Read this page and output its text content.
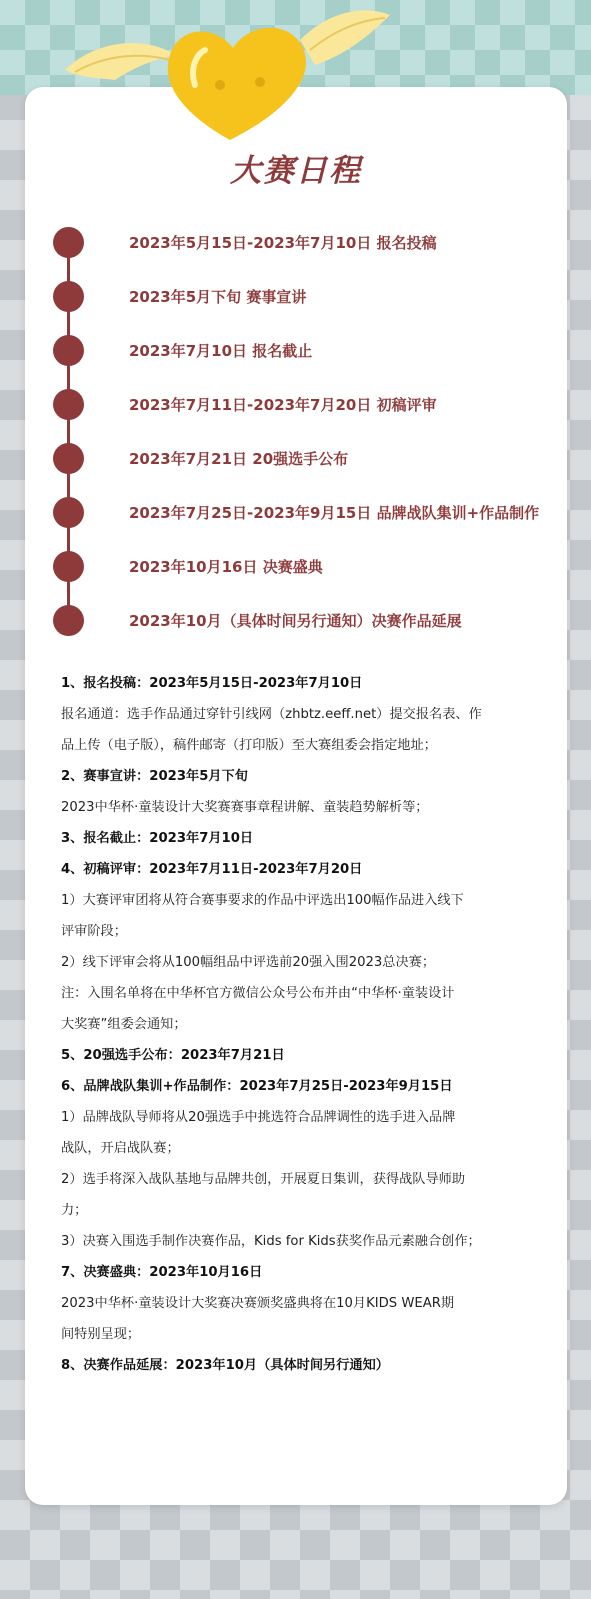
大赛日程
2023年5月15日-2023年7月10日 报名投稿
2023年5月下旬 赛事宣讲
2023年7月10日 报名截止
2023年7月11日-2023年7月20日 初稿评审
2023年7月21日 20强选手公布
2023年7月25日-2023年9月15日 品牌战队集训+作品制作
2023年10月16日 决赛盛典
2023年10月（具体时间另行通知）决赛作品延展
1、报名投稿：2023年5月15日-2023年7月10日
报名通道：选手作品通过穿针引线网（zhbtz.eeff.net）提交报名表、作
品上传（电子版），稿件邮寄（打印版）至大赛组委会指定地址；
2、赛事宣讲：2023年5月下旬
2023中华杯·童装设计大奖赛赛事章程讲解、童装趋势解析等；
3、报名截止：2023年7月10日
4、初稿评审：2023年7月11日-2023年7月20日
1）大赛评审团将从符合赛事要求的作品中评选出100幅作品进入线下
评审阶段；
2）线下评审会将从100幅组品中评选前20强入围2023总决赛；
注：入围名单将在中华杯官方微信公众号公布并由“中华杯·童装设计
大奖赛”组委会通知；
5、20强选手公布：2023年7月21日
6、品牌战队集训+作品制作：2023年7月25日-2023年9月15日
1）品牌战队导师将从20强选手中挑选符合品牌调性的选手进入品牌
战队，开启战队赛；
2）选手将深入战队基地与品牌共创，开展夏日集训，获得战队导师助
力；
3）决赛入围选手制作决赛作品，Kids for Kids获奖作品元素融合创作；
7、决赛盛典：2023年10月16日
2023中华杯·童装设计大奖赛决赛颁奖盛典将在10月KIDS WEAR期
间特别呈现；
8、决赛作品延展：2023年10月（具体时间另行通知）
